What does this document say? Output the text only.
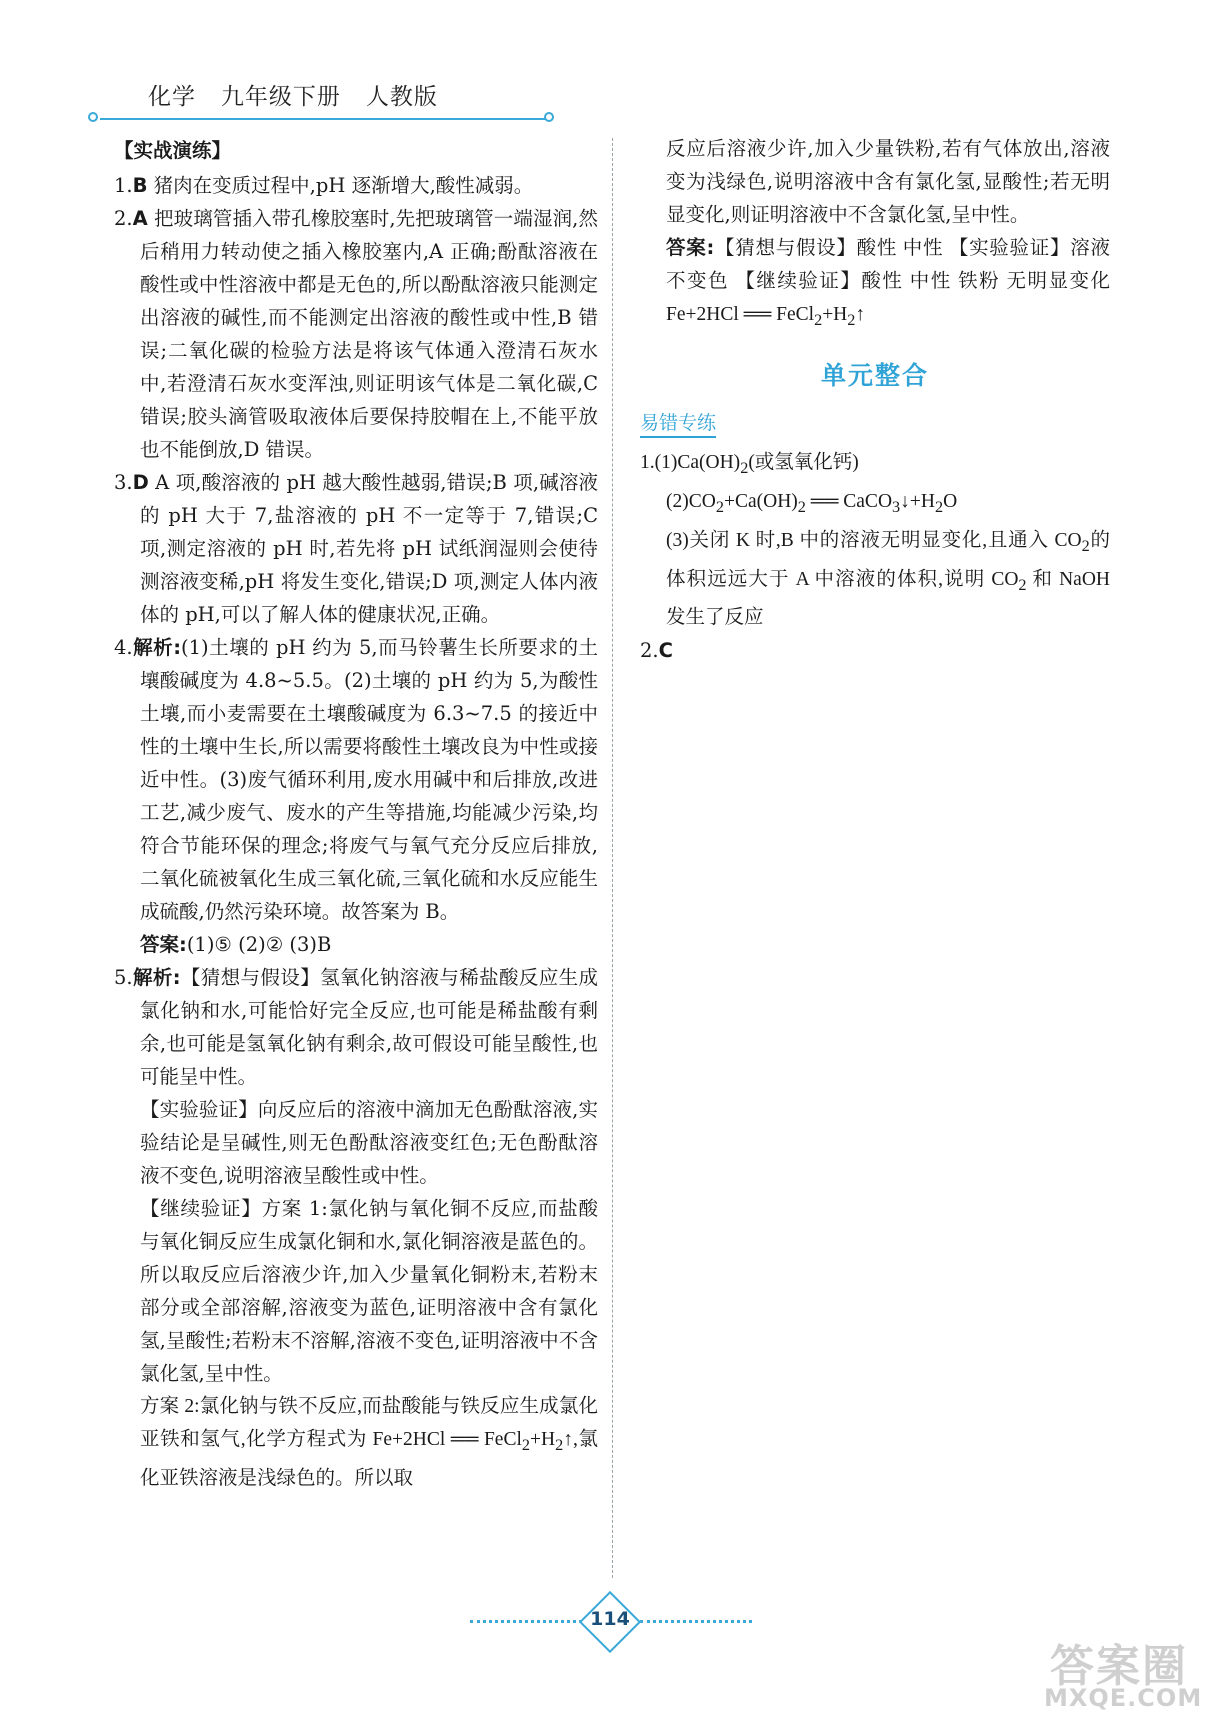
化学   九年级下册   人教版

【实战演练】

1.B 猪肉在变质过程中,pH 逐渐增大,酸性减弱。

2.A 把玻璃管插入带孔橡胶塞时,先把玻璃管一端湿润,然后稍用力转动使之插入橡胶塞内,A 正确;酚酞溶液在酸性或中性溶液中都是无色的,所以酚酞溶液只能测定出溶液的碱性,而不能测定出溶液的酸性或中性,B 错误;二氧化碳的检验方法是将该气体通入澄清石灰水中,若澄清石灰水变浑浊,则证明该气体是二氧化碳,C 错误;胶头滴管吸取液体后要保持胶帽在上,不能平放也不能倒放,D 错误。

3.D A 项,酸溶液的 pH 越大酸性越弱,错误;B 项,碱溶液的 pH 大于 7,盐溶液的 pH 不一定等于 7,错误;C 项,测定溶液的 pH 时,若先将 pH 试纸润湿则会使待测溶液变稀,pH 将发生变化,错误;D 项,测定人体内液体的 pH,可以了解人体的健康状况,正确。

4.解析:(1)土壤的 pH 约为 5,而马铃薯生长所要求的土壤酸碱度为 4.8~5.5。(2)土壤的 pH 约为 5,为酸性土壤,而小麦需要在土壤酸碱度为 6.3~7.5 的接近中性的土壤中生长,所以需要将酸性土壤改良为中性或接近中性。(3)废气循环利用,废水用碱中和后排放,改进工艺,减少废气、废水的产生等措施,均能减少污染,均符合节能环保的理念;将废气与氧气充分反应后排放,二氧化硫被氧化生成三氧化硫,三氧化硫和水反应能生成硫酸,仍然污染环境。故答案为 B。

答案:(1)⑤ (2)② (3)B

5.解析:【猜想与假设】氢氧化钠溶液与稀盐酸反应生成氯化钠和水,可能恰好完全反应,也可能是稀盐酸有剩余,也可能是氢氧化钠有剩余,故可假设可能呈酸性,也可能呈中性。

【实验验证】向反应后的溶液中滴加无色酚酞溶液,实验结论是呈碱性,则无色酚酞溶液变红色;无色酚酞溶液不变色,说明溶液呈酸性或中性。

【继续验证】方案 1:氯化钠与氧化铜不反应,而盐酸与氧化铜反应生成氯化铜和水,氯化铜溶液是蓝色的。所以取反应后溶液少许,加入少量氧化铜粉末,若粉末部分或全部溶解,溶液变为蓝色,证明溶液中含有氯化氢,呈酸性;若粉末不溶解,溶液不变色,证明溶液中不含氯化氢,呈中性。

方案 2:氯化钠与铁不反应,而盐酸能与铁反应生成氯化亚铁和氢气,化学方程式为 Fe+2HCl ══ $FeCl_2+H_2↑$,氯化亚铁溶液是浅绿色的。所以取

反应后溶液少许,加入少量铁粉,若有气体放出,溶液变为浅绿色,说明溶液中含有氯化氢,显酸性;若无明显变化,则证明溶液中不含氯化氢,呈中性。

答案:【猜想与假设】酸性 中性 【实验验证】溶液不变色 【继续验证】酸性 中性 铁粉 无明显变化 Fe+2HCl ══ $FeCl_2+H_2↑$

单元整合
易错专练

$1.(1)Ca(OH)_2$(或氢氧化钙)

$(2)CO_2+Ca(OH)_2$ ══ $CaCO_3↓+H_2O$

(3)关闭 K 时,B 中的溶液无明显变化,且通入 $CO_2$的体积远远大于 A 中溶液的体积,说明 $CO_2$ 和 NaOH 发生了反应

2.C

114
答案圈
MXQE.COM
